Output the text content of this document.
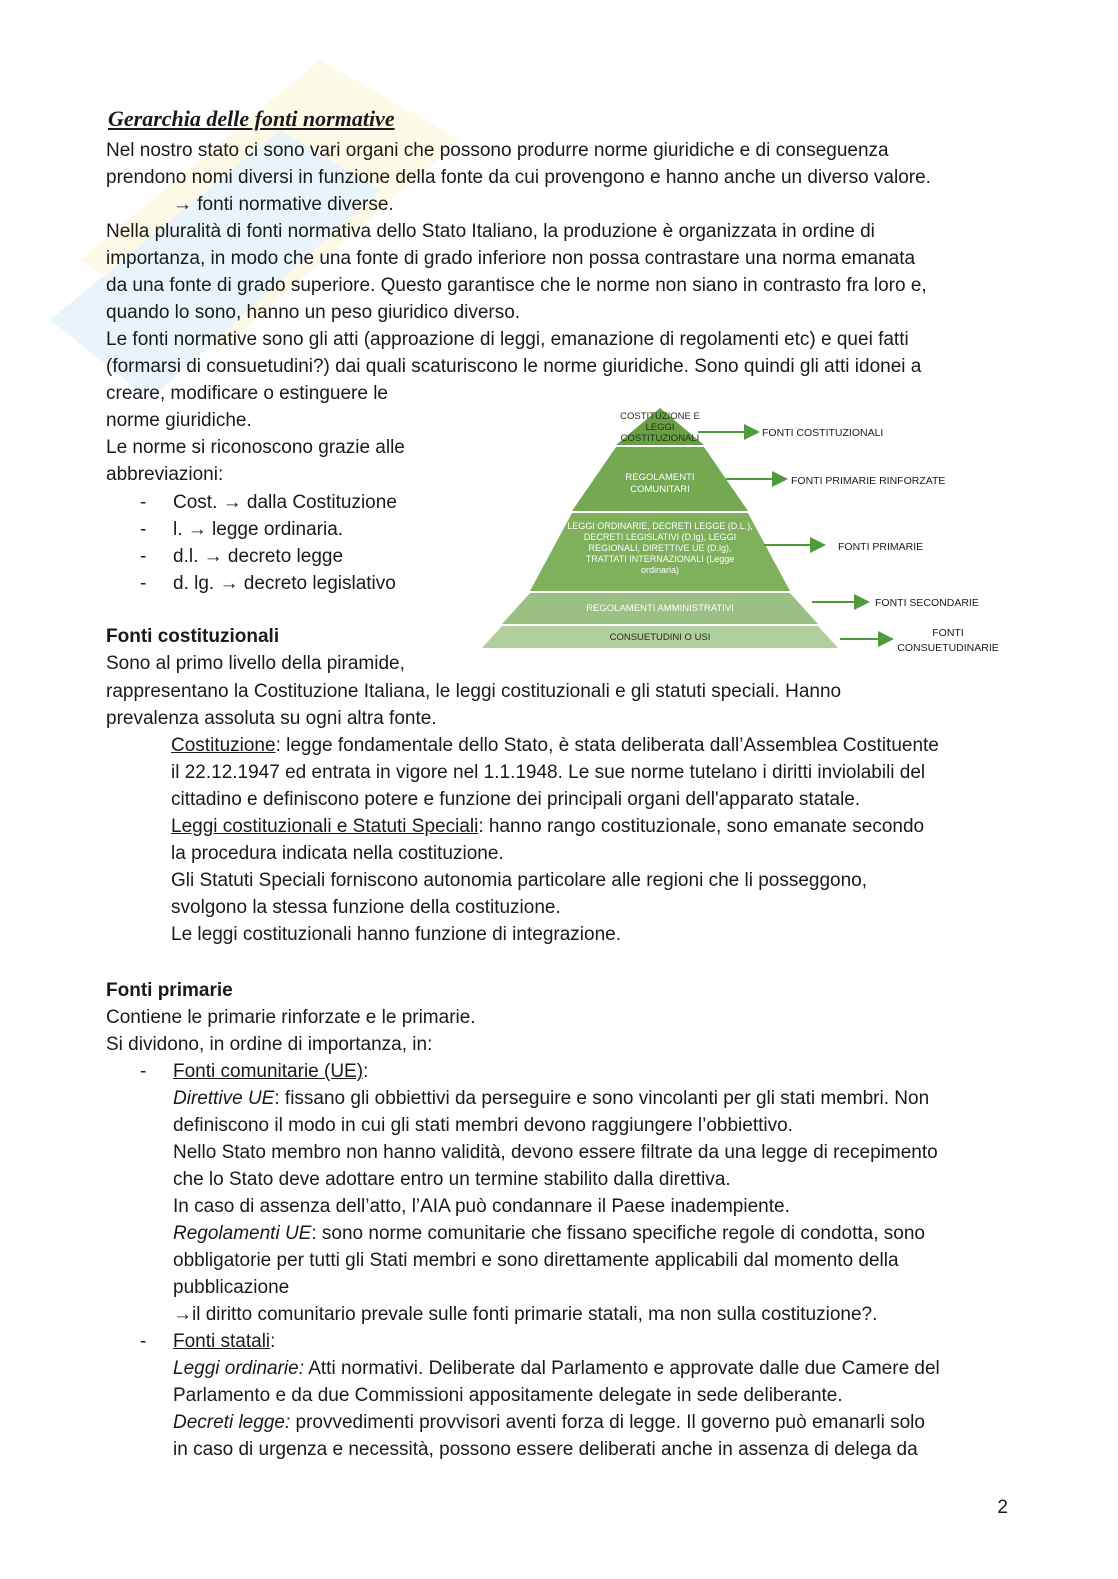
Gerarchia delle fonti normative

Nel nostro stato ci sono vari organi che possono produrre norme giuridiche e di conseguenza

prendono nomi diversi in funzione della fonte da cui provengono e hanno anche un diverso valore.

→ fonti normative diverse.

Nella pluralità di fonti normativa dello Stato Italiano, la produzione è organizzata in ordine di

importanza, in modo che una fonte di grado inferiore non possa contrastare una norma emanata

da una fonte di grado superiore. Questo garantisce che le norme non siano in contrasto fra loro e,

quando lo sono, hanno un peso giuridico diverso.

Le fonti normative sono gli atti (approazione di leggi, emanazione di regolamenti etc) e quei fatti

(formarsi di consuetudini?) dai quali scaturiscono le norme giuridiche. Sono quindi gli atti idonei a

creare, modificare o estinguere le

norme giuridiche.

Le norme si riconoscono grazie alle

abbreviazioni:

- Cost. → dalla Costituzione

- l. → legge ordinaria.

- d.l. → decreto legge

- d. lg. → decreto legislativo

COSTITUZIONE E
LEGGI
COSTITUZIONALI
REGOLAMENTI
COMUNITARI
LEGGI ORDINARIE, DECRETI LEGGE (D.L.),
DECRETI LEGISLATIVI (D.lg), LEGGI
REGIONALI, DIRETTIVE UE (D.lg),
TRATTATI INTERNAZIONALI (Legge
ordinaria)
REGOLAMENTI AMMINISTRATIVI
CONSUETUDINI O USI
FONTI COSTITUZIONALI
FONTI PRIMARIE RINFORZATE
FONTI PRIMARIE
FONTI SECONDARIE
FONTI
CONSUETUDINARIE
Fonti costituzionali

Sono al primo livello della piramide,

rappresentano la Costituzione Italiana, le leggi costituzionali e gli statuti speciali. Hanno

prevalenza assoluta su ogni altra fonte.

Costituzione: legge fondamentale dello Stato, è stata deliberata dall’Assemblea Costituente

il 22.12.1947 ed entrata in vigore nel 1.1.1948. Le sue norme tutelano i diritti inviolabili del

cittadino e definiscono potere e funzione dei principali organi dell'apparato statale.

Leggi costituzionali e Statuti Speciali: hanno rango costituzionale, sono emanate secondo

la procedura indicata nella costituzione.

Gli Statuti Speciali forniscono autonomia particolare alle regioni che li posseggono,

svolgono la stessa funzione della costituzione.

Le leggi costituzionali hanno funzione di integrazione.

Fonti primarie

Contiene le primarie rinforzate e le primarie.

Si dividono, in ordine di importanza, in:

- Fonti comunitarie (UE):

Direttive UE: fissano gli obbiettivi da perseguire e sono vincolanti per gli stati membri. Non

definiscono il modo in cui gli stati membri devono raggiungere l’obbiettivo.

Nello Stato membro non hanno validità, devono essere filtrate da una legge di recepimento

che lo Stato deve adottare entro un termine stabilito dalla direttiva.

In caso di assenza dell’atto, l’AIA può condannare il Paese inadempiente.

Regolamenti UE: sono norme comunitarie che fissano specifiche regole di condotta, sono

obbligatorie per tutti gli Stati membri e sono direttamente applicabili dal momento della

pubblicazione

→il diritto comunitario prevale sulle fonti primarie statali, ma non sulla costituzione?.

- Fonti statali:

Leggi ordinarie: Atti normativi. Deliberate dal Parlamento e approvate dalle due Camere del

Parlamento e da due Commissioni appositamente delegate in sede deliberante.

Decreti legge: provvedimenti provvisori aventi forza di legge. Il governo può emanarli solo

in caso di urgenza e necessità, possono essere deliberati anche in assenza di delega da

2
